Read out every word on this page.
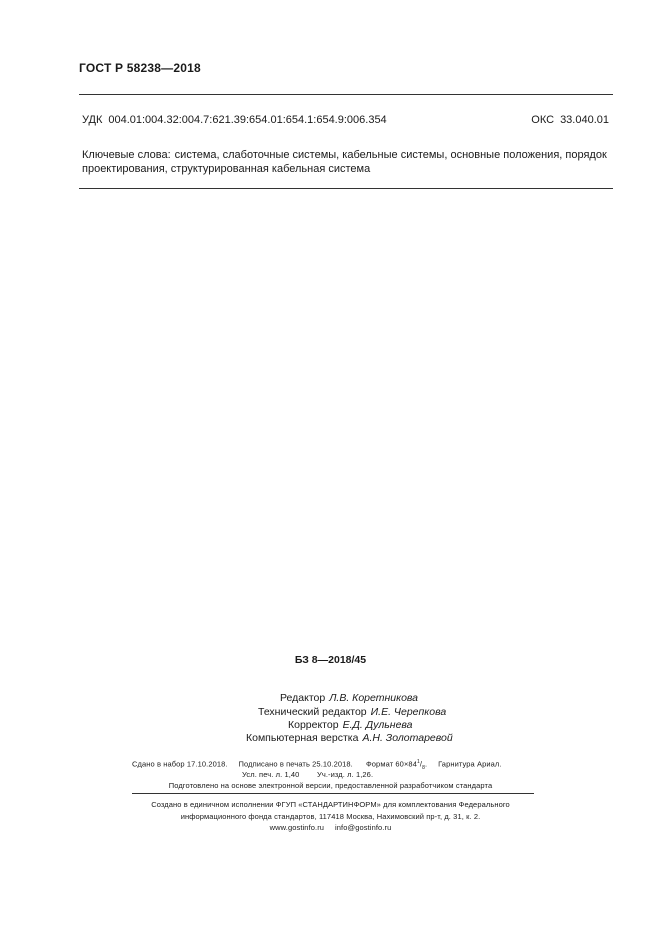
ГОСТ Р 58238—2018
УДК 004.01:004.32:004.7:621.39:654.01:654.1:654.9:006.354	ОКС 33.040.01
Ключевые слова: система, слаботочные системы, кабельные системы, основные положения, порядок проектирования, структурированная кабельная система
БЗ 8—2018/45
Редактор Л.В. Коретникова
Технический редактор И.Е. Черепкова
Корректор Е.Д. Дульнева
Компьютерная верстка А.Н. Золотаревой
Сдано в набор 17.10.2018. Подписано в печать 25.10.2018. Формат $60\times 84^1/_8$.     Гарнитура Ариал.
Усл. печ. л. 1,40 Уч.-изд. л. 1,26.
Подготовлено на основе электронной версии, предоставленной разработчиком стандарта
Создано в единичном исполнении ФГУП «СТАНДАРТИНФОРМ» для комплектования Федерального
информационного фонда стандартов, 117418 Москва, Нахимовский пр-т, д. 31, к. 2.
www.gostinfo.ru info@gostinfo.ru
